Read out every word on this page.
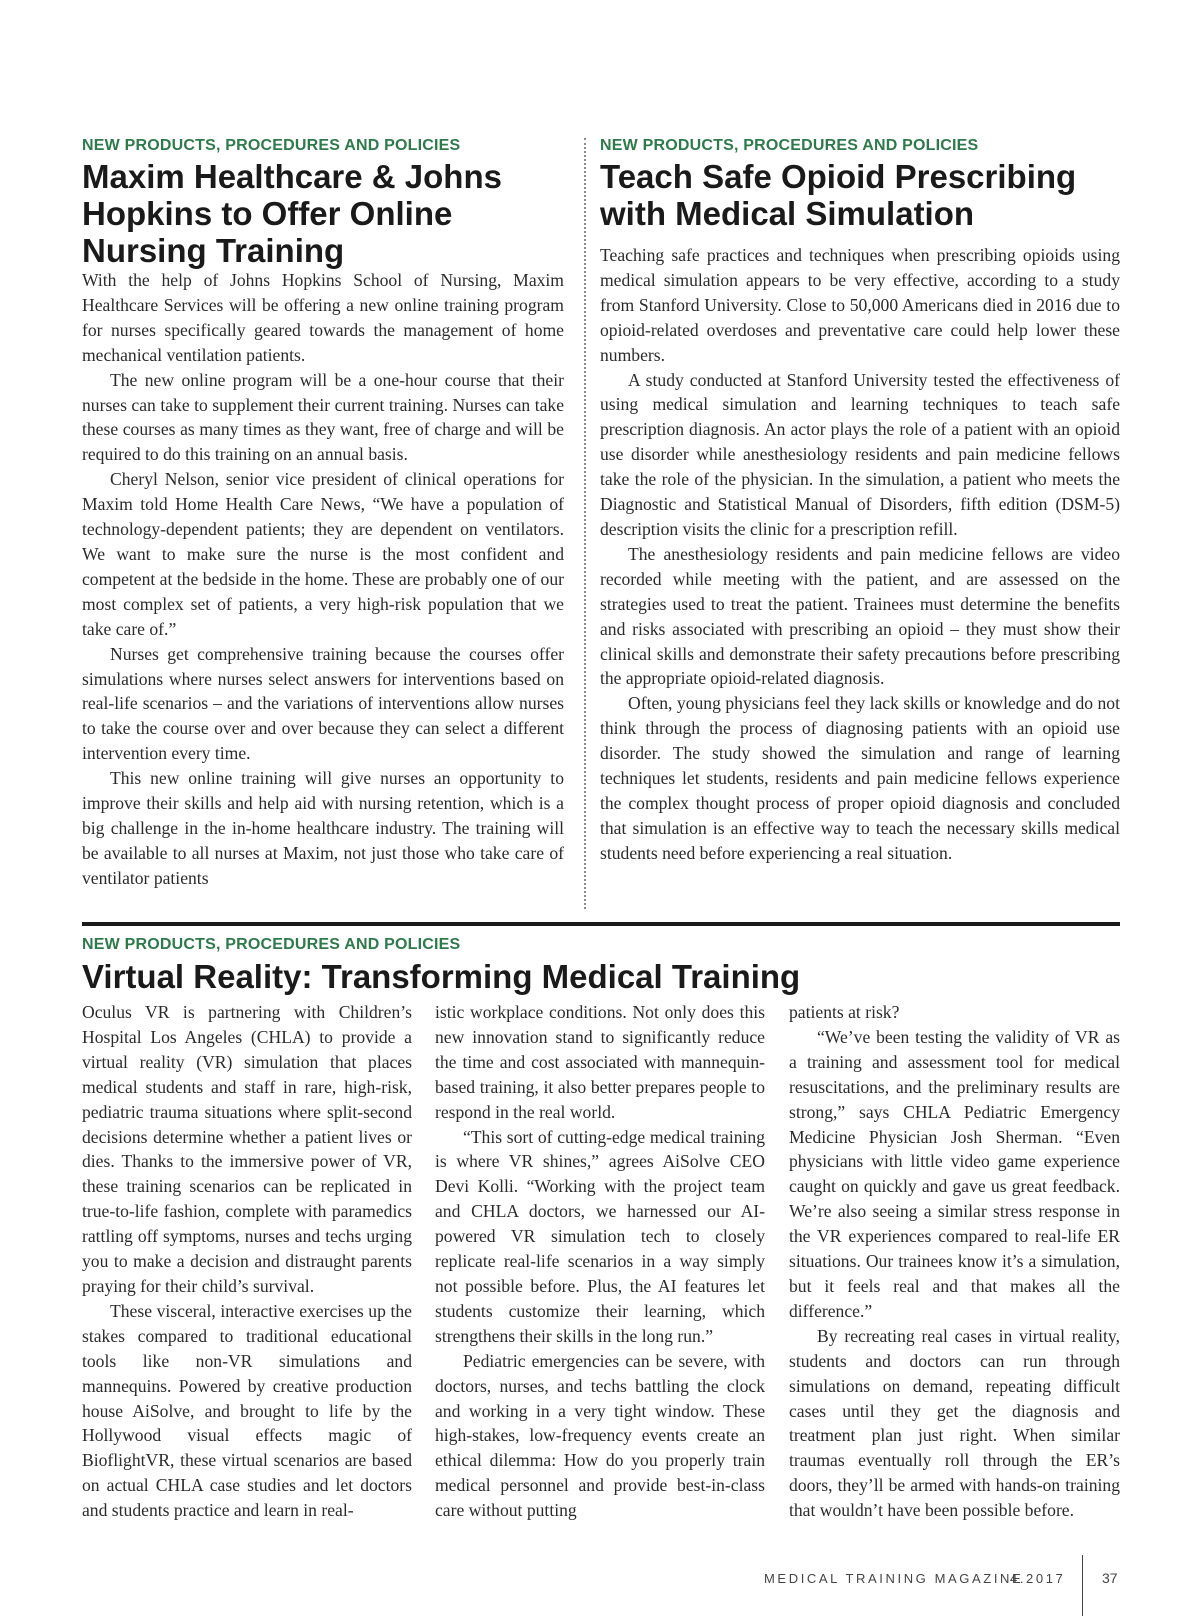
NEW PRODUCTS, PROCEDURES AND POLICIES
Maxim Healthcare & Johns Hopkins to Offer Online Nursing Training

With the help of Johns Hopkins School of Nursing, Maxim Healthcare Services will be offering a new online training program for nurses specifically geared towards the management of home mechanical ventilation patients.

The new online program will be a one-hour course that their nurses can take to supplement their current training. Nurses can take these courses as many times as they want, free of charge and will be required to do this training on an annual basis.

Cheryl Nelson, senior vice president of clinical operations for Maxim told Home Health Care News, “We have a population of technology-dependent patients; they are dependent on ventilators. We want to make sure the nurse is the most confident and competent at the bedside in the home. These are probably one of our most complex set of patients, a very high-risk population that we take care of.”

Nurses get comprehensive training because the courses offer simulations where nurses select answers for interventions based on real-life scenarios – and the variations of interventions allow nurses to take the course over and over because they can select a different intervention every time.

This new online training will give nurses an opportunity to improve their skills and help aid with nursing retention, which is a big challenge in the in-home healthcare industry. The training will be available to all nurses at Maxim, not just those who take care of ventilator patients

NEW PRODUCTS, PROCEDURES AND POLICIES
Teach Safe Opioid Prescribing with Medical Simulation

Teaching safe practices and techniques when prescribing opioids using medical simulation appears to be very effective, according to a study from Stanford University. Close to 50,000 Americans died in 2016 due to opioid-related overdoses and preventative care could help lower these numbers.

A study conducted at Stanford University tested the effectiveness of using medical simulation and learning techniques to teach safe prescription diagnosis. An actor plays the role of a patient with an opioid use disorder while anesthesiology residents and pain medicine fellows take the role of the physician. In the simulation, a patient who meets the Diagnostic and Statistical Manual of Disorders, fifth edition (DSM-5) description visits the clinic for a prescription refill.

The anesthesiology residents and pain medicine fellows are video recorded while meeting with the patient, and are assessed on the strategies used to treat the patient. Trainees must determine the benefits and risks associated with prescribing an opioid – they must show their clinical skills and demonstrate their safety precautions before prescribing the appropriate opioid-related diagnosis.

Often, young physicians feel they lack skills or knowledge and do not think through the process of diagnosing patients with an opioid use disorder. The study showed the simulation and range of learning techniques let students, residents and pain medicine fellows experience the complex thought process of proper opioid diagnosis and concluded that simulation is an effective way to teach the necessary skills medical students need before experiencing a real situation.

NEW PRODUCTS, PROCEDURES AND POLICIES
Virtual Reality: Transforming Medical Training

Oculus VR is partnering with Children’s Hospital Los Angeles (CHLA) to provide a virtual reality (VR) simulation that places medical students and staff in rare, high-risk, pediatric trauma situations where split-second decisions determine whether a patient lives or dies. Thanks to the immersive power of VR, these training scenarios can be replicated in true-to-life fashion, complete with paramedics rattling off symptoms, nurses and techs urging you to make a decision and distraught parents praying for their child’s survival.

These visceral, interactive exercises up the stakes compared to traditional educational tools like non-VR simulations and mannequins. Powered by creative production house AiSolve, and brought to life by the Hollywood visual effects magic of BioflightVR, these virtual scenarios are based on actual CHLA case studies and let doctors and students practice and learn in real-

istic workplace conditions. Not only does this new innovation stand to significantly reduce the time and cost associated with mannequin-based training, it also better prepares people to respond in the real world.

“This sort of cutting-edge medical training is where VR shines,” agrees AiSolve CEO Devi Kolli. “Working with the project team and CHLA doctors, we harnessed our AI-powered VR simulation tech to closely replicate real-life scenarios in a way simply not possible before. Plus, the AI features let students customize their learning, which strengthens their skills in the long run.”

Pediatric emergencies can be severe, with doctors, nurses, and techs battling the clock and working in a very tight window. These high-stakes, low-frequency events create an ethical dilemma: How do you properly train medical personnel and provide best-in-class care without putting

patients at risk?

“We’ve been testing the validity of VR as a training and assessment tool for medical resuscitations, and the preliminary results are strong,” says CHLA Pediatric Emergency Medicine Physician Josh Sherman. “Even physicians with little video game experience caught on quickly and gave us great feedback. We’re also seeing a similar stress response in the VR experiences compared to real-life ER situations. Our trainees know it’s a simulation, but it feels real and that makes all the difference.”

By recreating real cases in virtual reality, students and doctors can run through simulations on demand, repeating difficult cases until they get the diagnosis and treatment plan just right. When similar traumas eventually roll through the ER’s doors, they’ll be armed with hands-on training that wouldn’t have been possible before.

MEDICAL TRAINING MAGAZINE
4.2017	37
